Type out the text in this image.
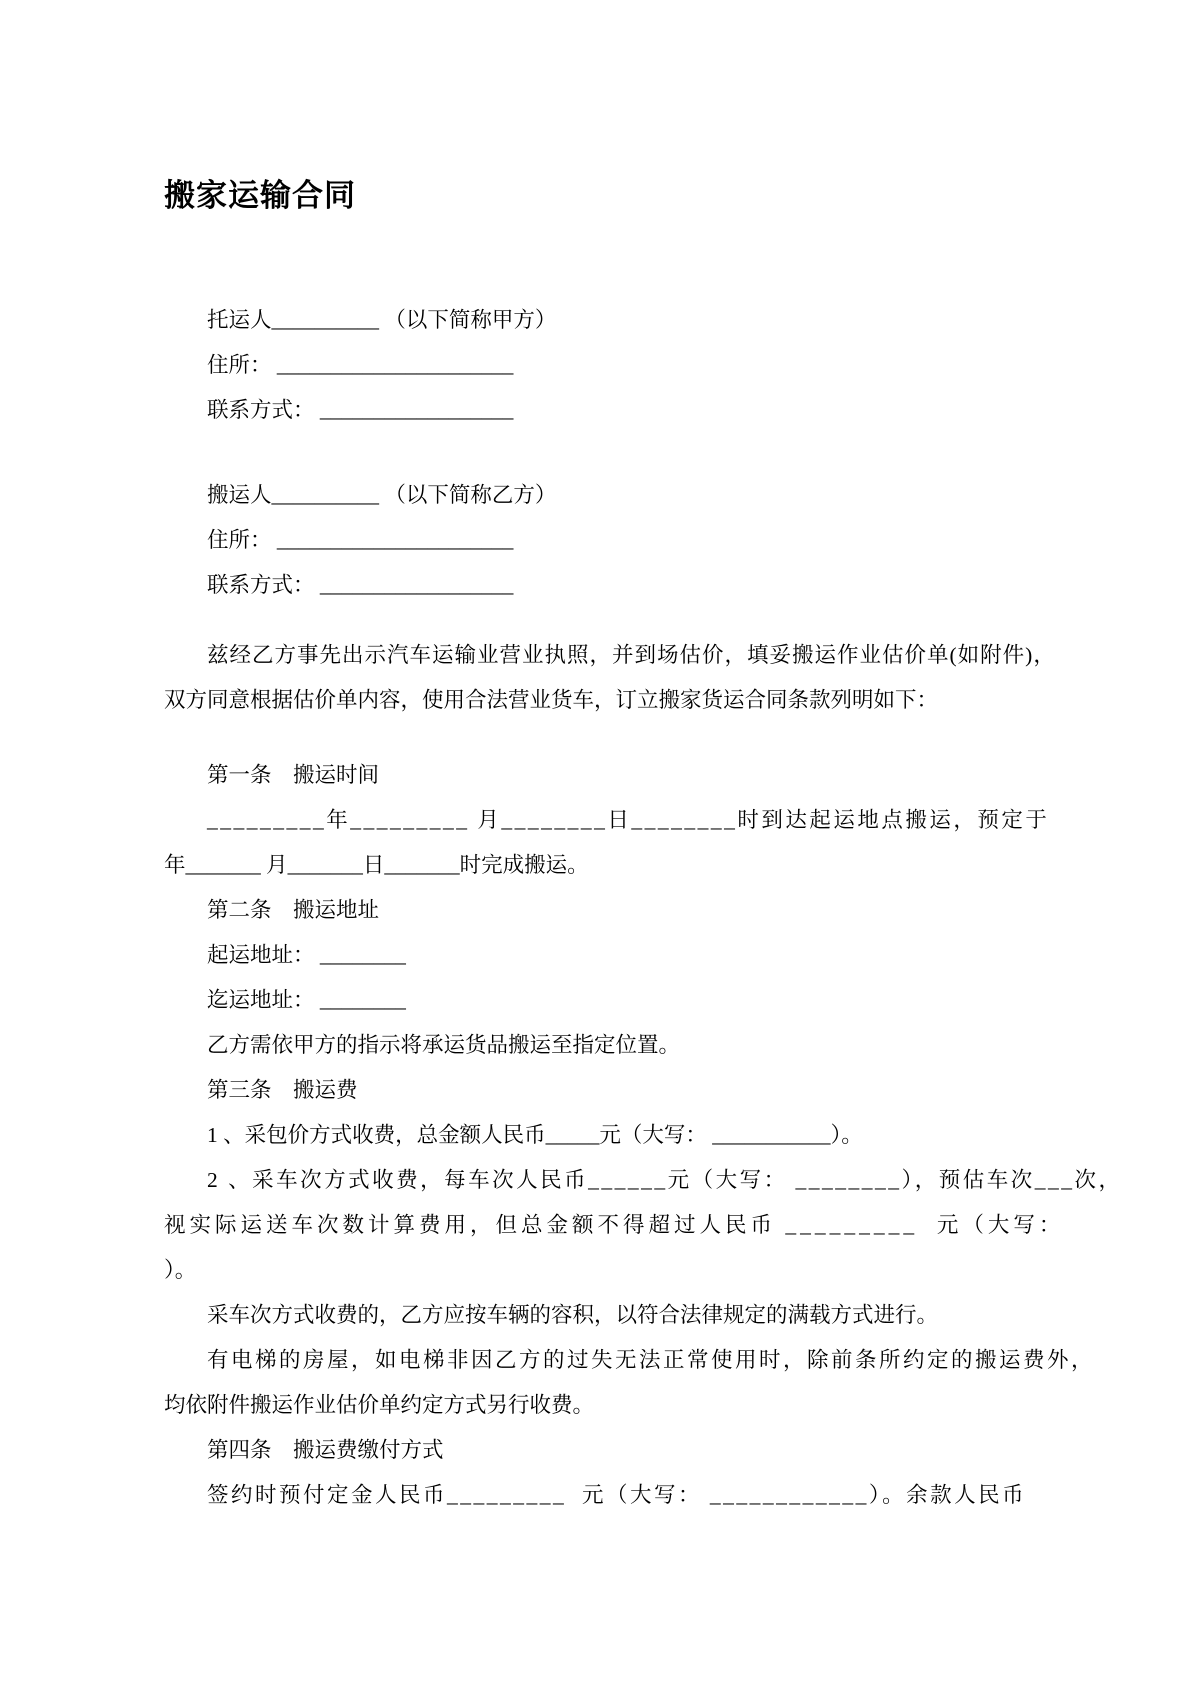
搬家运输合同
托运人__________ （以下简称甲方）
住所： ______________________
联系方式： __________________
搬运人__________ （以下简称乙方）
住所： ______________________
联系方式： __________________
兹经乙方事先出示汽车运输业营业执照，并到场估价，填妥搬运作业估价单(如附件)，
双方同意根据估价单内容，使用合法营业货车，订立搬家货运合同条款列明如下：
第一条　搬运时间
_________年_________ 月________日________时到达起运地点搬运，预定于
年_______ 月_______日_______时完成搬运。
第二条　搬运地址
起运地址： ________
迄运地址： ________
乙方需依甲方的指示将承运货品搬运至指定位置。
第三条　搬运费
1 、采包价方式收费，总金额人民币_____元（大写： ___________）。
2 、采车次方式收费，每车次人民币______元（大写： ________），预估车次___次，
视实际运送车次数计算费用，但总金额不得超过人民币 _________  元（大写：
）。
采车次方式收费的，乙方应按车辆的容积，以符合法律规定的满载方式进行。
有电梯的房屋，如电梯非因乙方的过失无法正常使用时，除前条所约定的搬运费外，
均依附件搬运作业估价单约定方式另行收费。
第四条　搬运费缴付方式
签约时预付定金人民币_________  元（大写： ____________）。余款人民币
